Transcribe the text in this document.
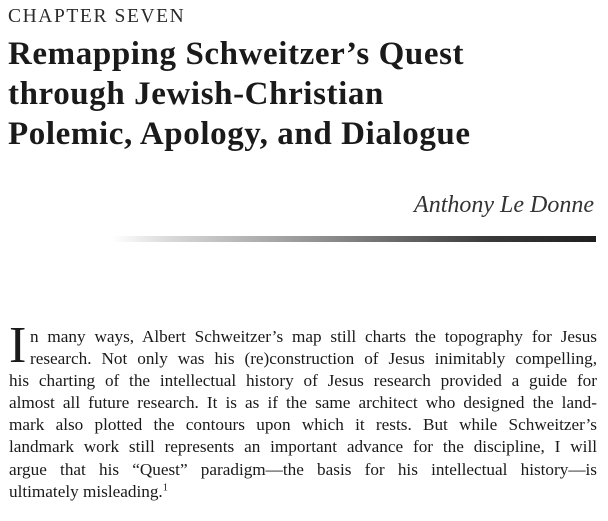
CHAPTER SEVEN
Remapping Schweitzer’s Quest
through Jewish-Christian
Polemic, Apology, and Dialogue
Anthony Le Donne
I n many ways, Albert Schweitzer’s map still charts the topography for Jesus
research. Not only was his (re)construction of Jesus inimitably compelling,
his charting of the intellectual history of Jesus research provided a guide for
almost all future research. It is as if the same architect who designed the land-
mark also plotted the contours upon which it rests. But while Schweitzer’s
landmark work still represents an important advance for the discipline, I will
argue that his “Quest” paradigm—the basis for his intellectual history—is
ultimately misleading.$^1$
